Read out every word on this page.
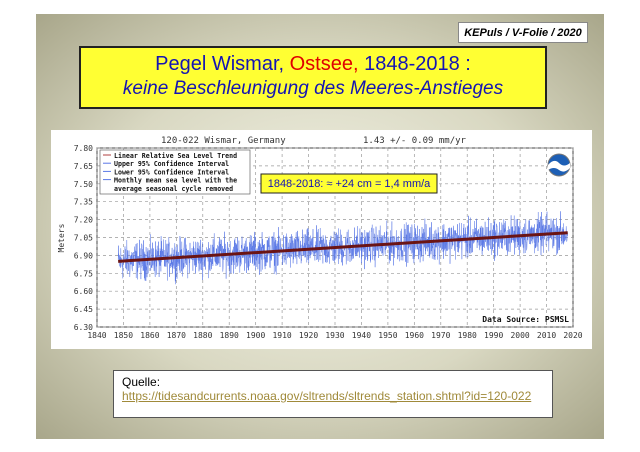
KEPuls / V-Folie / 2020
Pegel Wismar, Ostsee, 1848-2018 :
keine Beschleunigung des Meeres-Anstieges
6.30
6.45
6.60
6.75
6.90
7.05
7.20
7.35
7.50
7.65
7.80
1840 1850 1860 1870 1880 1890 1900 1910 1920 1930 1940 1950 1960 1970 1980 1990 2000 2010 2020
Linear Relative Sea Level Trend
Upper 95% Confidence Interval
Lower 95% Confidence Interval
Monthly mean sea level with the
average seasonal cycle removed
120-022 Wismar, Germany	1.43 +/- 0.09 mm/yr
Meters
1848-2018: ≈ +24 cm = 1,4 mm/a
Data Source: PSMSL
Quelle:
https://tidesandcurrents.noaa.gov/sltrends/sltrends_station.shtml?id=120-022
